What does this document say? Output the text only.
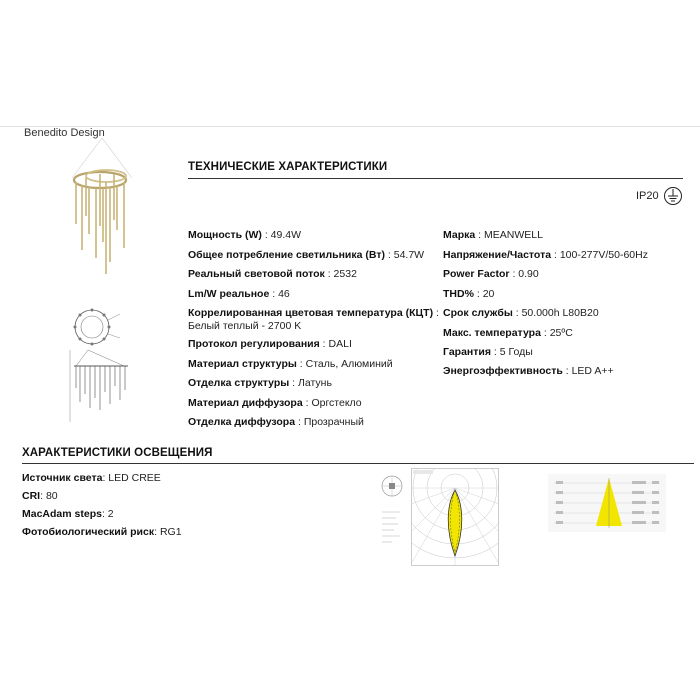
Benedito Design
ТЕХНИЧЕСКИЕ ХАРАКТЕРИСТИКИ
IP20
Мощность (W) : 49.4W
Общее потребление светильника (Вт) : 54.7W
Реальный световой поток : 2532
Lm/W реальное : 46
Коррелированная цветовая температура (КЦТ) :
Белый теплый - 2700 K
Протокол регулирования : DALI
Материал структуры : Сталь, Алюминий
Отделка структуры : Латунь
Материал диффузора : Оргстекло
Отделка диффузора : Прозрачный
Марка : MEANWELL
Напряжение/Частота : 100-277V/50-60Hz
Power Factor : 0.90
THD% : 20
Срок службы : 50.000h L80B20
Макс. температура : 25ºC
Гарантия : 5 Годы
Энергоэффективность : LED A++
ХАРАКТЕРИСТИКИ ОСВЕЩЕНИЯ
Источник света: LED CREE
CRI: 80
MacAdam steps: 2
Фотобиологический риск: RG1
